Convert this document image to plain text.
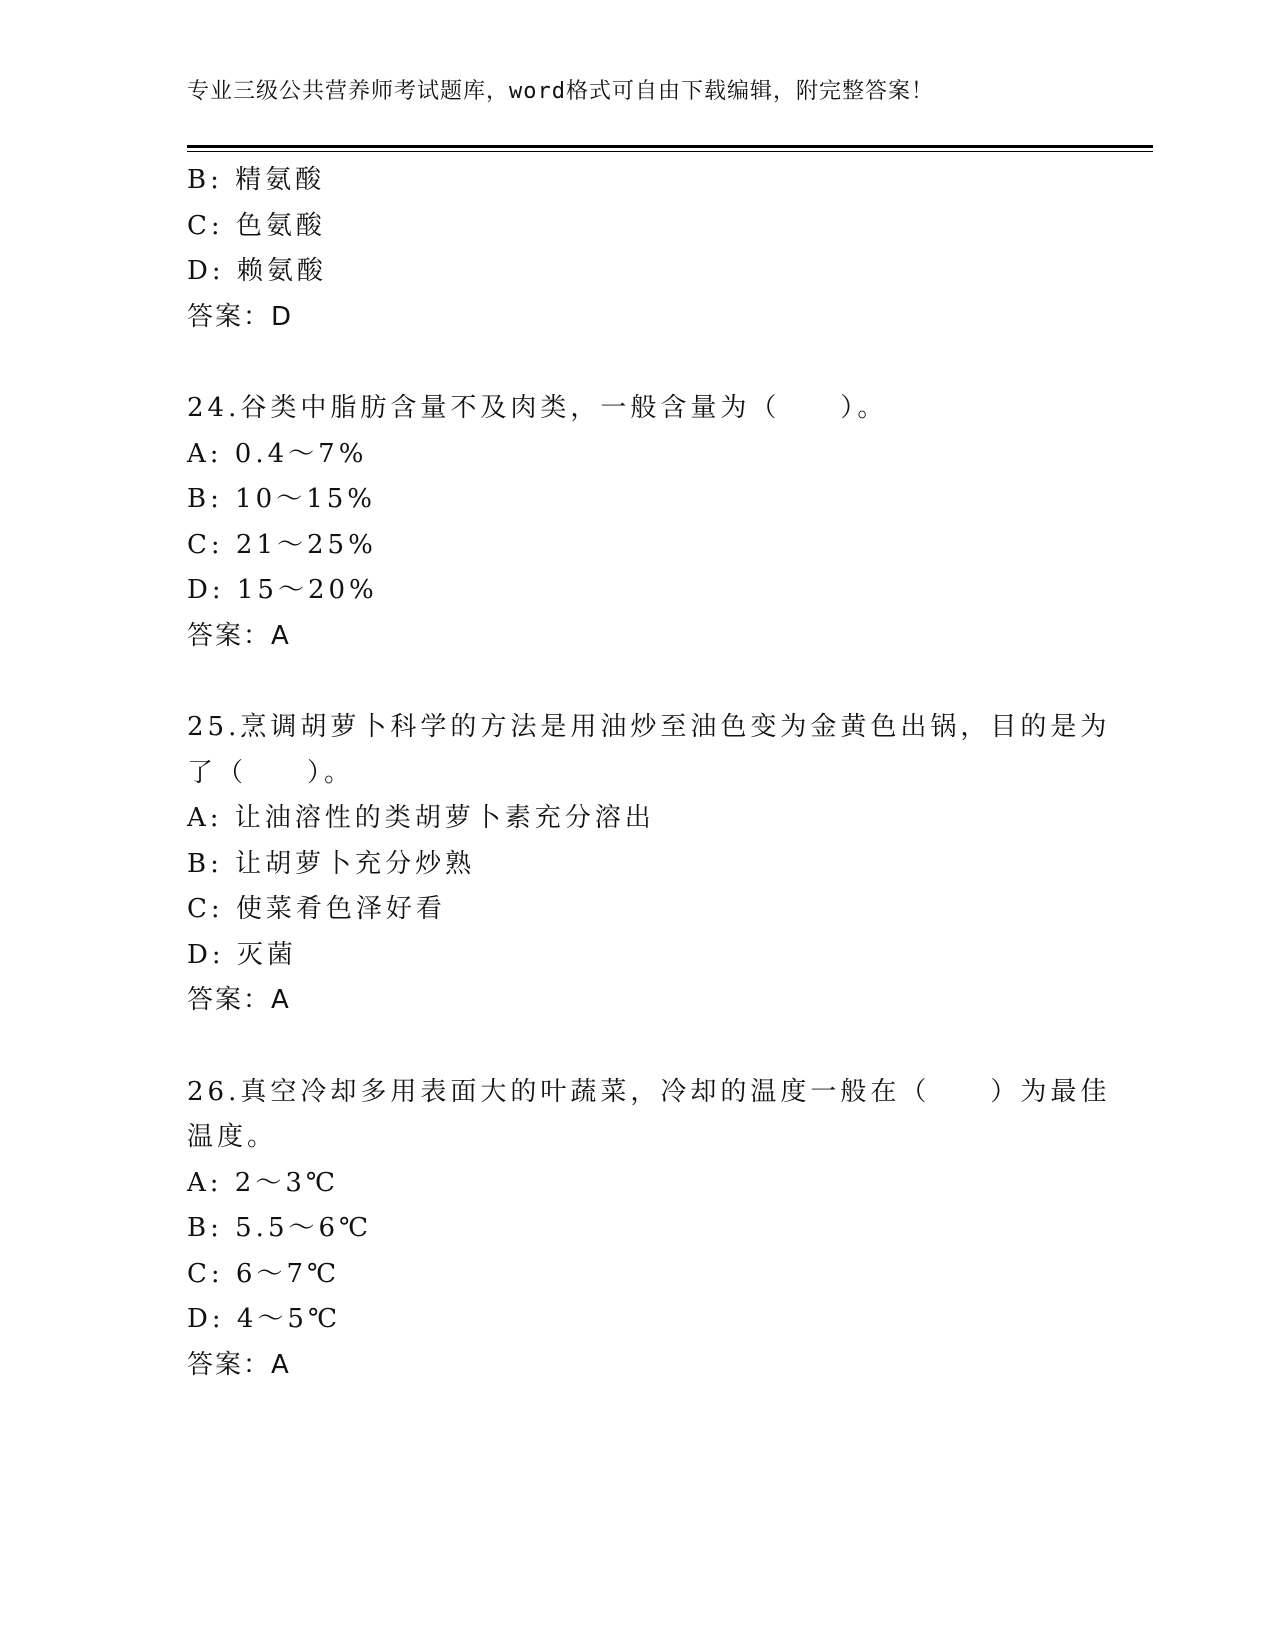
专业三级公共营养师考试题库，word格式可自由下载编辑，附完整答案！
B: 精氨酸
C: 色氨酸
D: 赖氨酸
答案：D
24.谷类中脂肪含量不及肉类，一般含量为（　　）。
A: 0.4～7%
B: 10～15%
C: 21～25%
D: 15～20%
答案：A
25.烹调胡萝卜科学的方法是用油炒至油色变为金黄色出锅，目的是为
了（　　）。
A: 让油溶性的类胡萝卜素充分溶出
B: 让胡萝卜充分炒熟
C: 使菜肴色泽好看
D: 灭菌
答案：A
26.真空冷却多用表面大的叶蔬菜，冷却的温度一般在（　　）为最佳
温度。
A: 2～3℃
B: 5.5～6℃
C: 6～7℃
D: 4～5℃
答案：A
